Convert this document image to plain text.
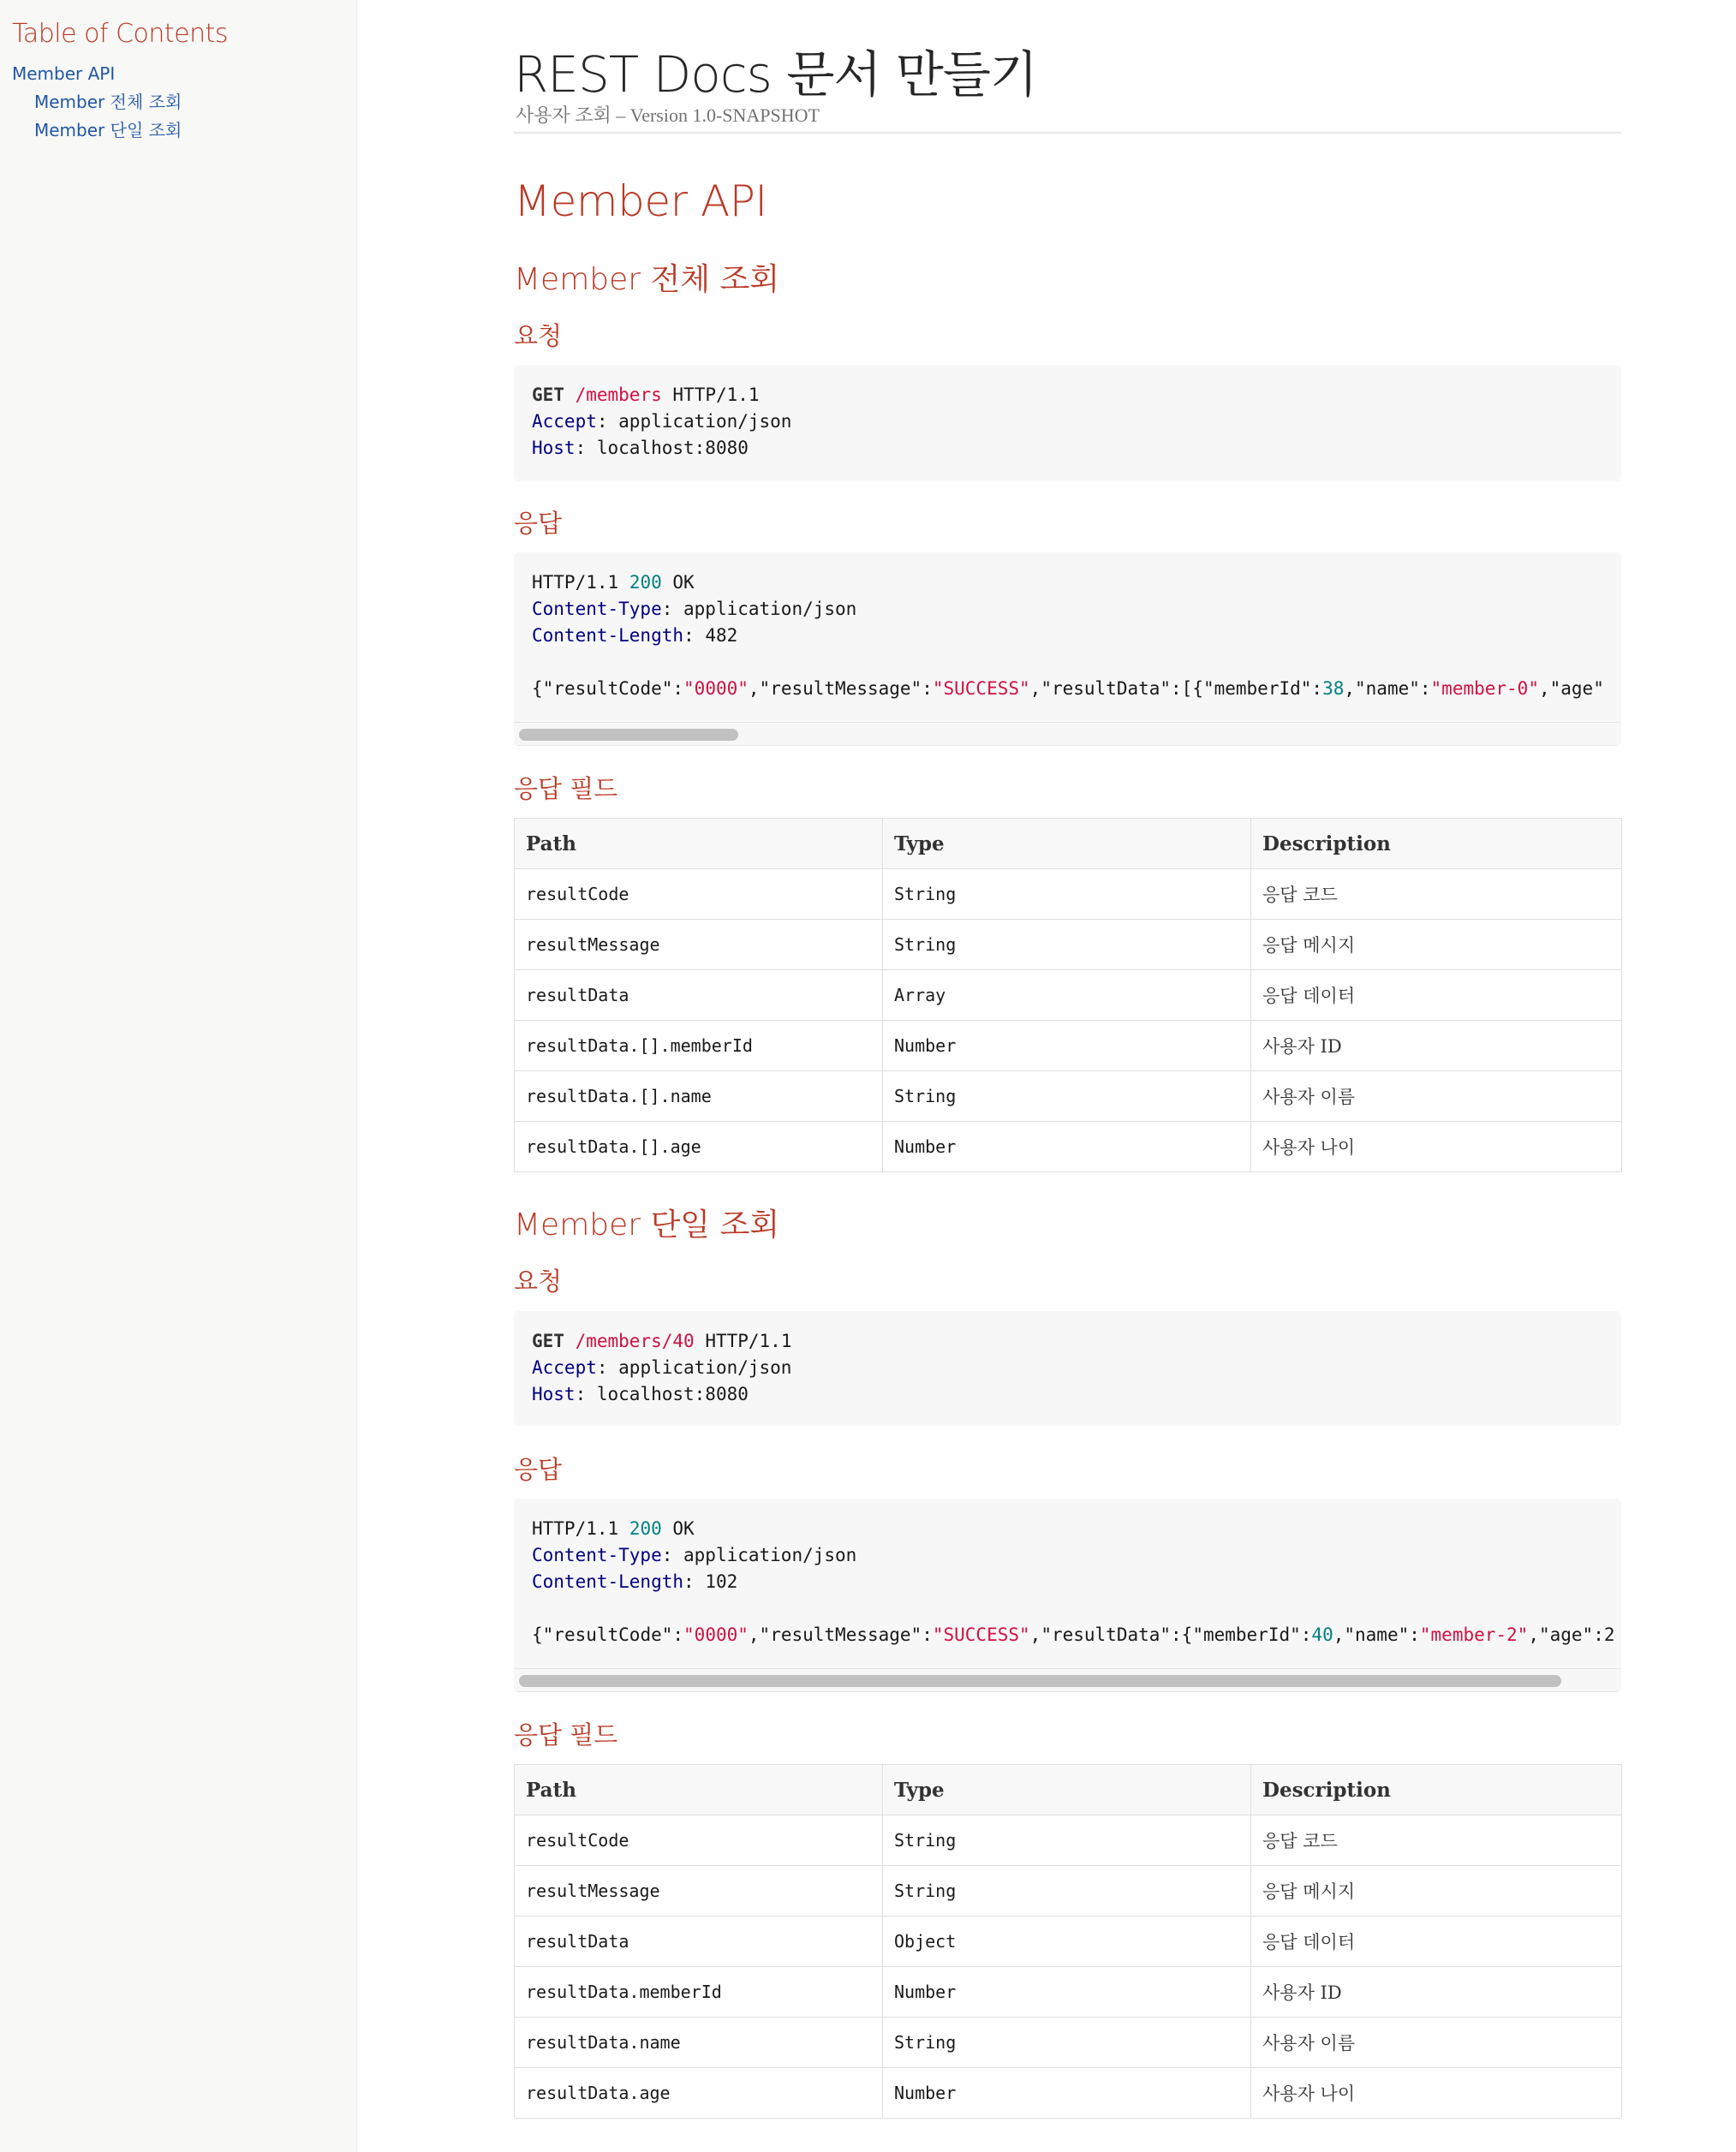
Table of Contents
Member API
Member 전체 조회
Member 단일 조회
REST Docs 문서 만들기
사용자 조회 – Version 1.0-SNAPSHOT
Member API
Member 전체 조회
요청
GET /members HTTP/1.1
Accept: application/json
Host: localhost:8080
응답
HTTP/1.1 200 OK
Content-Type: application/json
Content-Length: 482

{"resultCode":"0000","resultMessage":"SUCCESS","resultData":[{"memberId":38,"name":"member-0","age"
응답 필드
Path	Type	Description
resultCode	String	응답 코드
resultMessage	String	응답 메시지
resultData	Array	응답 데이터
resultData.[].memberId	Number	사용자 ID
resultData.[].name	String	사용자 이름
resultData.[].age	Number	사용자 나이
Member 단일 조회
요청
GET /members/40 HTTP/1.1
Accept: application/json
Host: localhost:8080
응답
HTTP/1.1 200 OK
Content-Type: application/json
Content-Length: 102

{"resultCode":"0000","resultMessage":"SUCCESS","resultData":{"memberId":40,"name":"member-2","age":2
응답 필드
Path	Type	Description
resultCode	String	응답 코드
resultMessage	String	응답 메시지
resultData	Object	응답 데이터
resultData.memberId	Number	사용자 ID
resultData.name	String	사용자 이름
resultData.age	Number	사용자 나이
